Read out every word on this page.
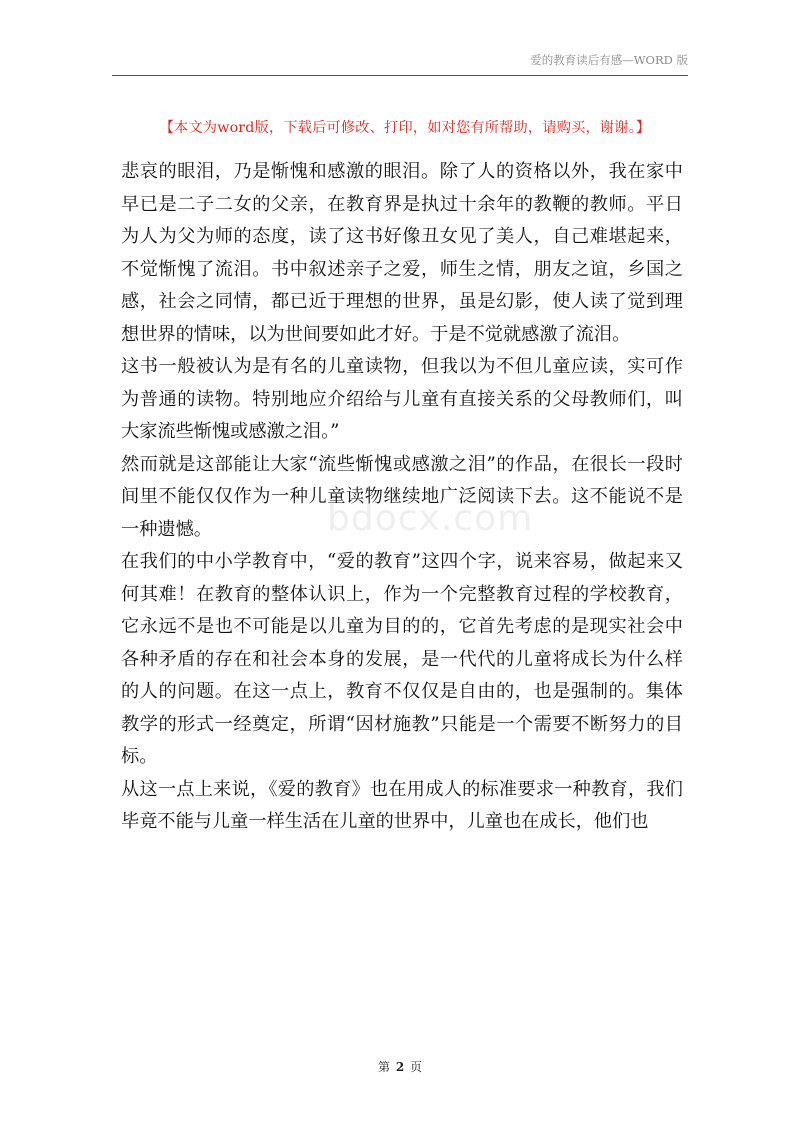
爱的教育读后有感—WORD 版
【本文为word版，下载后可修改、打印，如对您有所帮助，请购买，谢谢。】
bdocx.com

悲哀的眼泪，乃是惭愧和感激的眼泪。除了人的资格以外，我在家中早已是二子二女的父亲，在教育界是执过十余年的教鞭的教师。平日为人为父为师的态度，读了这书好像丑女见了美人，自己难堪起来，不觉惭愧了流泪。书中叙述亲子之爱，师生之情，朋友之谊，乡国之感，社会之同情，都已近于理想的世界，虽是幻影，使人读了觉到理想世界的情味，以为世间要如此才好。于是不觉就感激了流泪。

这书一般被认为是有名的儿童读物，但我以为不但儿童应读，实可作为普通的读物。特别地应介绍给与儿童有直接关系的父母教师们，叫大家流些惭愧或感激之泪。”

然而就是这部能让大家“流些惭愧或感激之泪”的作品，在很长一段时间里不能仅仅作为一种儿童读物继续地广泛阅读下去。这不能说不是一种遗憾。

在我们的中小学教育中，“爱的教育”这四个字，说来容易，做起来又何其难！在教育的整体认识上，作为一个完整教育过程的学校教育，它永远不是也不可能是以儿童为目的的，它首先考虑的是现实社会中各种矛盾的存在和社会本身的发展，是一代代的儿童将成长为什么样的人的问题。在这一点上，教育不仅仅是自由的，也是强制的。集体教学的形式一经奠定，所谓“因材施教”只能是一个需要不断努力的目标。

从这一点上来说，《爱的教育》也在用成人的标准要求一种教育，我们毕竟不能与儿童一样生活在儿童的世界中，儿童也在成长，他们也

第 2 页
